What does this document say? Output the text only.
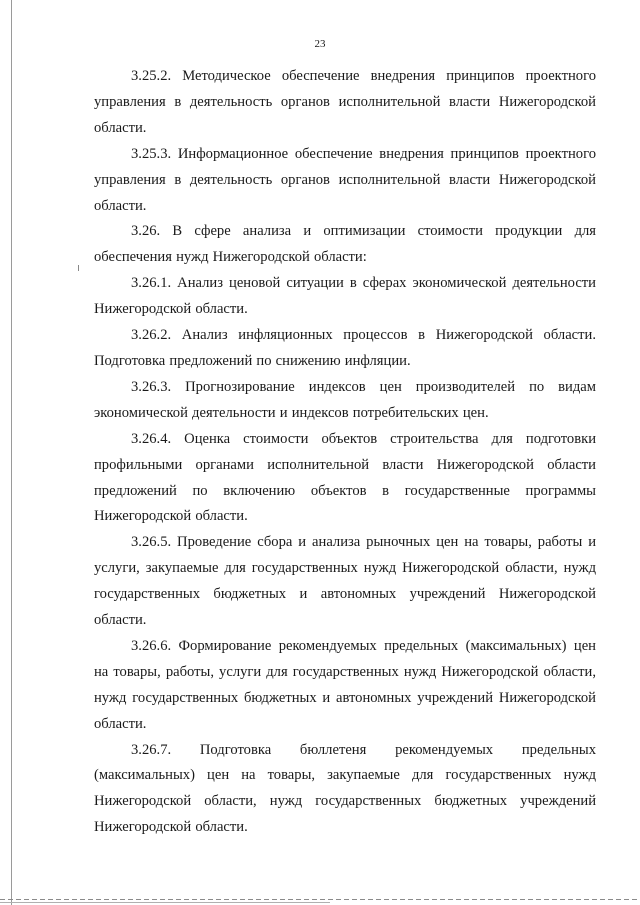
23

3.25.2. Методическое обеспечение внедрения принципов проектного управления в деятельность органов исполнительной власти Нижегородской области.

3.25.3. Информационное обеспечение внедрения принципов проектного управления в деятельность органов исполнительной власти Нижегородской области.

3.26. В сфере анализа и оптимизации стоимости продукции для обеспечения нужд Нижегородской области:

3.26.1. Анализ ценовой ситуации в сферах экономической деятельности Нижегородской области.

3.26.2. Анализ инфляционных процессов в Нижегородской области. Подготовка предложений по снижению инфляции.

3.26.3. Прогнозирование индексов цен производителей по видам экономической деятельности и индексов потребительских цен.

3.26.4. Оценка стоимости объектов строительства для подготовки профильными органами исполнительной власти Нижегородской области предложений по включению объектов в государственные программы Нижегородской области.

3.26.5. Проведение сбора и анализа рыночных цен на товары, работы и услуги, закупаемые для государственных нужд Нижегородской области, нужд государственных бюджетных и автономных учреждений Нижегородской области.

3.26.6. Формирование рекомендуемых предельных (максимальных) цен на товары, работы, услуги для государственных нужд Нижегородской области, нужд государственных бюджетных и автономных учреждений Нижегородской области.

3.26.7. Подготовка бюллетеня рекомендуемых предельных (максимальных) цен на товары, закупаемые для государственных нужд Нижегородской области, нужд государственных бюджетных учреждений Нижегородской области.
